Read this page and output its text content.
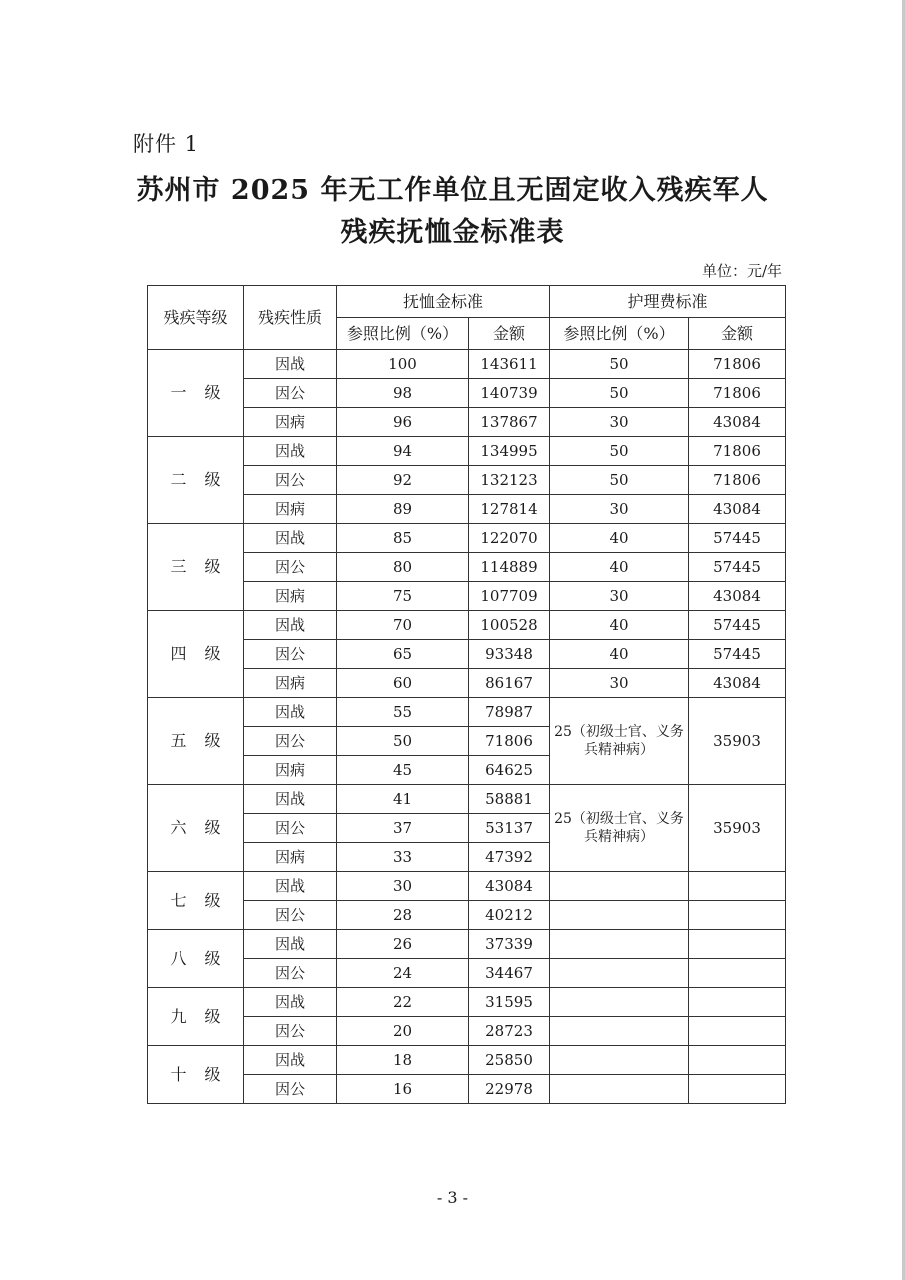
附件 1
苏州市 2025 年无工作单位且无固定收入残疾军人
残疾抚恤金标准表
单位：元/年
残疾等级	残疾性质	抚恤金标准		护理费标准	
		参照比例（%）	金额	参照比例（%）	金额
一级	因战	100	143611	50	71806
	因公	98	140739	50	71806
	因病	96	137867	30	43084
二级	因战	94	134995	50	71806
	因公	92	132123	50	71806
	因病	89	127814	30	43084
三级	因战	85	122070	40	57445
	因公	80	114889	40	57445
	因病	75	107709	30	43084
四级	因战	70	100528	40	57445
	因公	65	93348	40	57445
	因病	60	86167	30	43084
五级	因战	55	78987	25（初级士官、义务兵精神病）	35903
	因公	50	71806		
	因病	45	64625		
六级	因战	41	58881	25（初级士官、义务兵精神病）	35903
	因公	37	53137		
	因病	33	47392		
七级	因战	30	43084		
	因公	28	40212		
八级	因战	26	37339		
	因公	24	34467		
九级	因战	22	31595		
	因公	20	28723		
十级	因战	18	25850		
	因公	16	22978		
- 3 -
